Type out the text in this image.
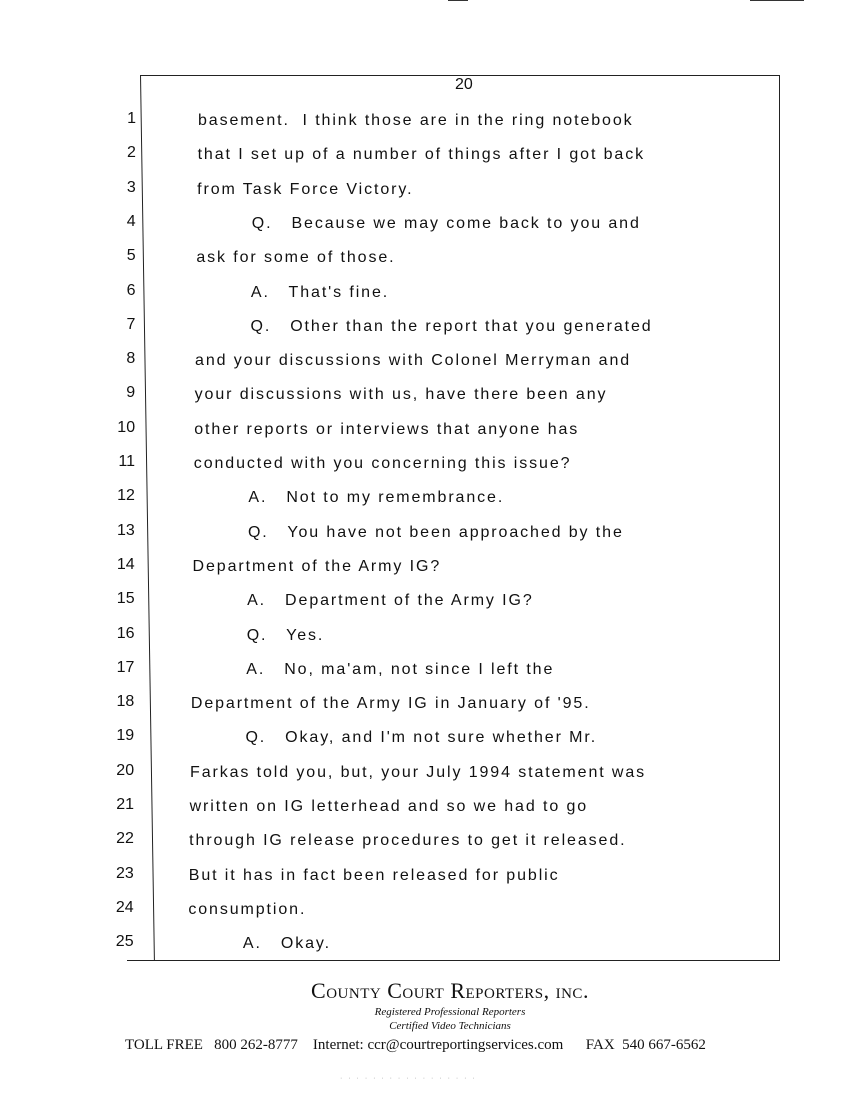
20
1	basement.  I think those are in the ring notebook
2	that I set up of a number of things after I got back
3	from Task Force Victory.
4	Q.   Because we may come back to you and
5	ask for some of those.
6	A.   That's fine.
7	Q.   Other than the report that you generated
8	and your discussions with Colonel Merryman and
9	your discussions with us, have there been any
10	other reports or interviews that anyone has
11	conducted with you concerning this issue?
12	A.   Not to my remembrance.
13	Q.   You have not been approached by the
14	Department of the Army IG?
15	A.   Department of the Army IG?
16	Q.   Yes.
17	A.   No, ma'am, not since I left the
18	Department of the Army IG in January of '95.
19	Q.   Okay, and I'm not sure whether Mr.
20	Farkas told you, but, your July 1994 statement was
21	written on IG letterhead and so we had to go
22	through IG release procedures to get it released.
23	But it has in fact been released for public
24	consumption.
25	A.   Okay.
County Court Reporters, inc.
Registered Professional Reporters
Certified Video Technicians
TOLL FREE   800 262-8777    Internet: ccr@courtreportingservices.com      FAX  540 667-6562
· · · · · · · · · · · · · · · · ·
